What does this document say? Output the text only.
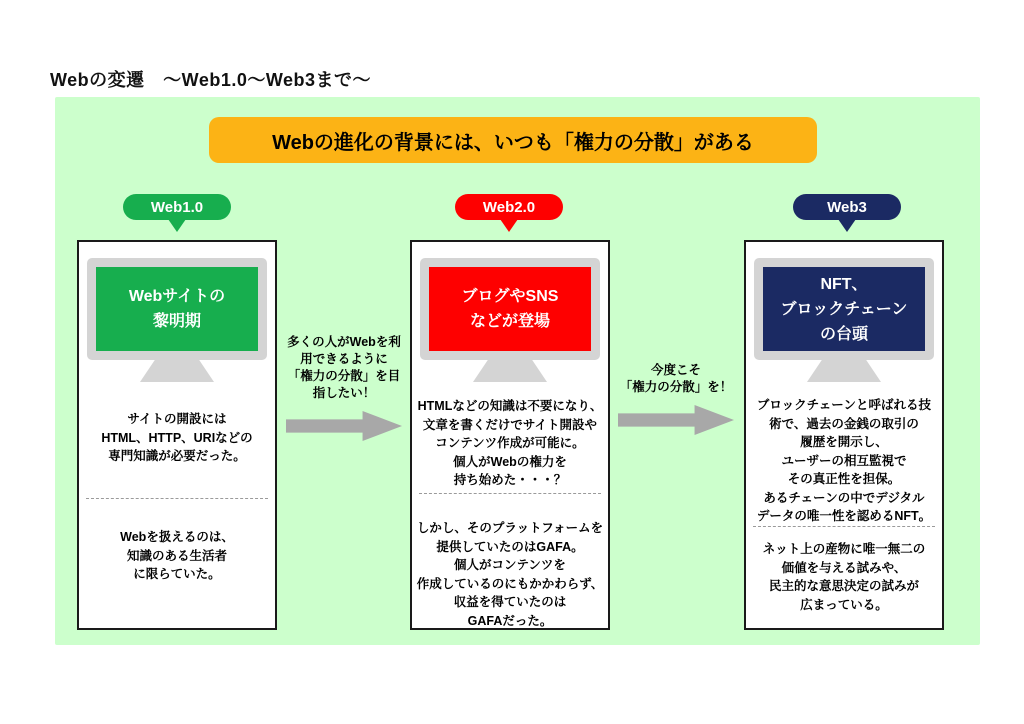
Webの変遷　～Web1.0～Web3まで～
Webの進化の背景には、いつも「権力の分散」がある
Web1.0	Web2.0	Web3
Webサイトの
黎明期
サイトの開設には
HTML、HTTP、URIなどの
専門知識が必要だった。
Webを扱えるのは、
知識のある生活者
に限らていた。
ブログやSNS
などが登場
HTMLなどの知識は不要になり、
文章を書くだけでサイト開設や
コンテンツ作成が可能に。
個人がWebの権力を
持ち始めた・・・？
しかし、そのプラットフォームを
提供していたのはGAFA。
個人がコンテンツを
作成しているのにもかかわらず、
収益を得ていたのは
GAFAだった。
NFT、
ブロックチェーン
の台頭
ブロックチェーンと呼ばれる技
術で、過去の金銭の取引の
履歴を開示し、
ユーザーの相互監視で
その真正性を担保。
あるチェーンの中でデジタル
データの唯一性を認めるNFT。
ネット上の産物に唯一無二の
価値を与える試みや、
民主的な意思決定の試みが
広まっている。
多くの人がWebを利
用できるように
「権力の分散」を目
指したい！
今度こそ
「権力の分散」を！
